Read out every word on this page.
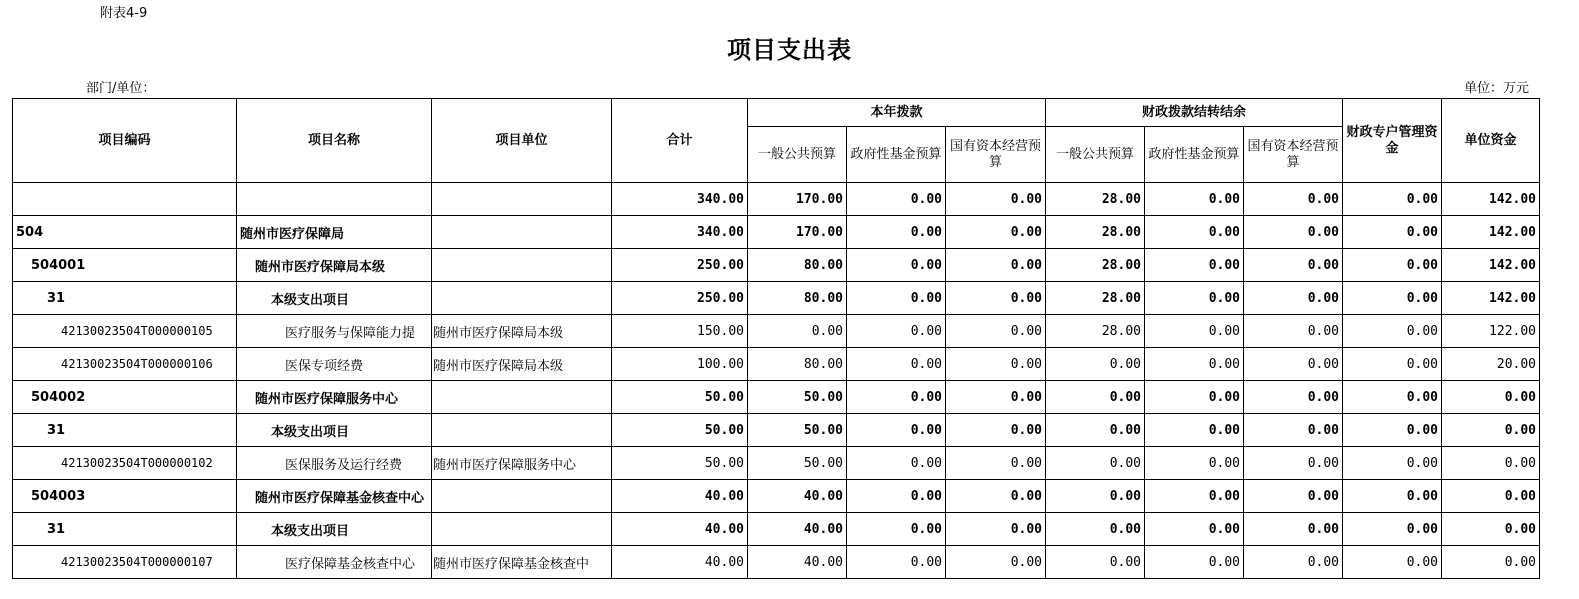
附表4-9
项目支出表
部门/单位：	单位：万元
项目编码	项目名称	项目单位	合计	本年拨款			财政拨款结转结余			财政专户管理资金	单位资金
				一般公共预算	政府性基金预算	国有资本经营预算	一般公共预算	政府性基金预算	国有资本经营预算		
			340.00	170.00	0.00	0.00	28.00	0.00	0.00	0.00	142.00
504	随州市医疗保障局		340.00	170.00	0.00	0.00	28.00	0.00	0.00	0.00	142.00
504001	随州市医疗保障局本级		250.00	80.00	0.00	0.00	28.00	0.00	0.00	0.00	142.00
31	本级支出项目		250.00	80.00	0.00	0.00	28.00	0.00	0.00	0.00	142.00
42130023504T000000105	医疗服务与保障能力提	随州市医疗保障局本级	150.00	0.00	0.00	0.00	28.00	0.00	0.00	0.00	122.00
42130023504T000000106	医保专项经费	随州市医疗保障局本级	100.00	80.00	0.00	0.00	0.00	0.00	0.00	0.00	20.00
504002	随州市医疗保障服务中心		50.00	50.00	0.00	0.00	0.00	0.00	0.00	0.00	0.00
31	本级支出项目		50.00	50.00	0.00	0.00	0.00	0.00	0.00	0.00	0.00
42130023504T000000102	医保服务及运行经费	随州市医疗保障服务中心	50.00	50.00	0.00	0.00	0.00	0.00	0.00	0.00	0.00
504003	随州市医疗保障基金核查中心		40.00	40.00	0.00	0.00	0.00	0.00	0.00	0.00	0.00
31	本级支出项目		40.00	40.00	0.00	0.00	0.00	0.00	0.00	0.00	0.00
42130023504T000000107	医疗保障基金核查中心	随州市医疗保障基金核查中	40.00	40.00	0.00	0.00	0.00	0.00	0.00	0.00	0.00
